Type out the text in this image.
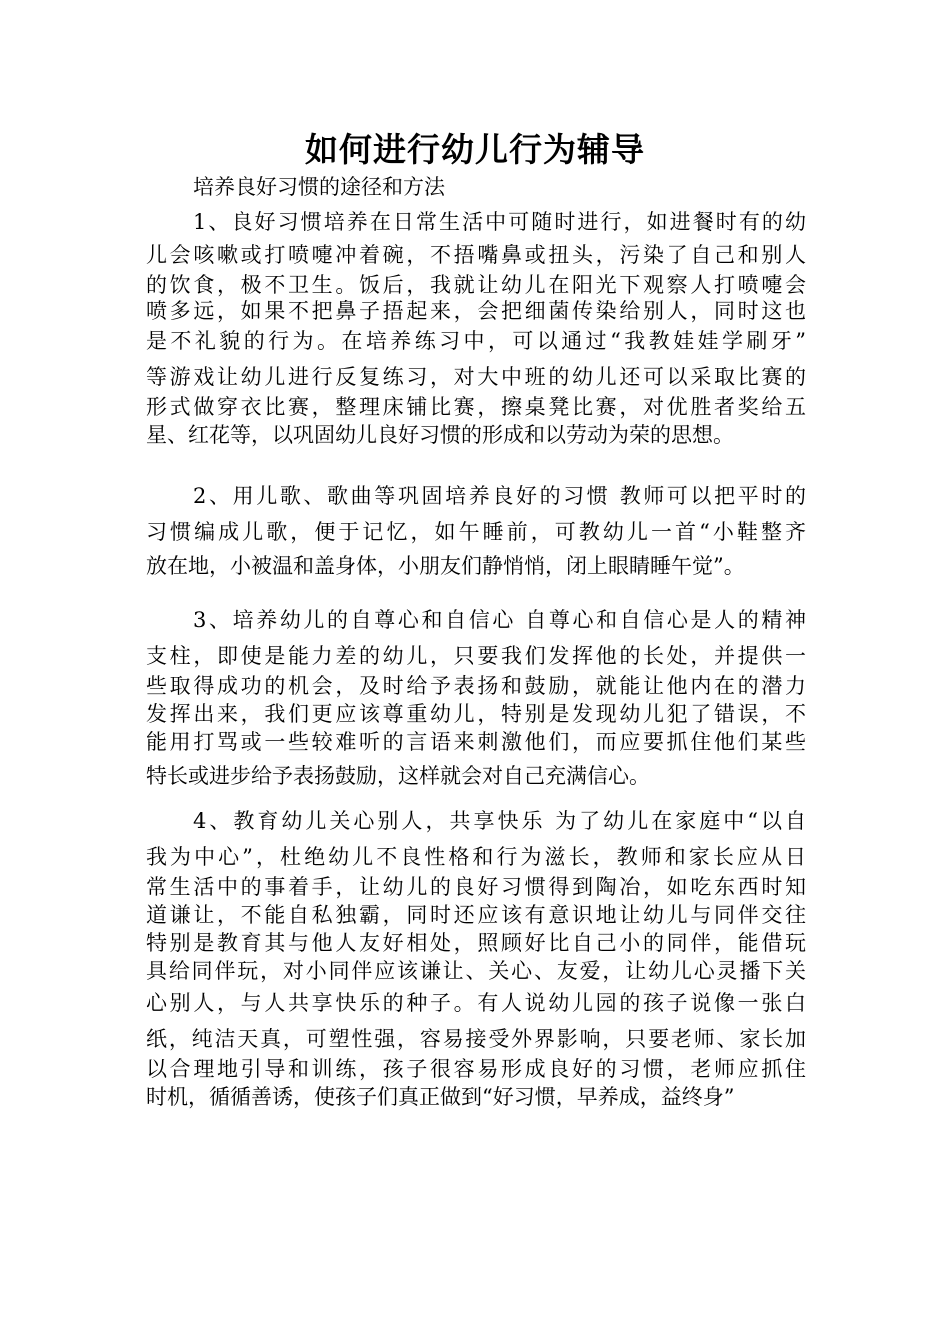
如何进行幼儿行为辅导

培养良好习惯的途径和方法

1、良好习惯培养在日常生活中可随时进行，如进餐时有的幼
儿会咳嗽或打喷嚏冲着碗，不捂嘴鼻或扭头，污染了自己和别人
的饮食，极不卫生。饭后，我就让幼儿在阳光下观察人打喷嚏会
喷多远，如果不把鼻子捂起来，会把细菌传染给别人，同时这也
是不礼貌的行为。在培养练习中，可以通过“我教娃娃学刷牙”
等游戏让幼儿进行反复练习，对大中班的幼儿还可以采取比赛的
形式做穿衣比赛，整理床铺比赛，擦桌凳比赛，对优胜者奖给五
星、红花等，以巩固幼儿良好习惯的形成和以劳动为荣的思想。
2、用儿歌、歌曲等巩固培养良好的习惯 教师可以把平时的
习惯编成儿歌，便于记忆，如午睡前，可教幼儿一首“小鞋整齐
放在地，小被温和盖身体，小朋友们静悄悄，闭上眼睛睡午觉”。
3、培养幼儿的自尊心和自信心 自尊心和自信心是人的精神
支柱，即使是能力差的幼儿，只要我们发挥他的长处，并提供一
些取得成功的机会，及时给予表扬和鼓励，就能让他内在的潜力
发挥出来，我们更应该尊重幼儿，特别是发现幼儿犯了错误，不
能用打骂或一些较难听的言语来刺激他们，而应要抓住他们某些
特长或进步给予表扬鼓励，这样就会对自己充满信心。
4、教育幼儿关心别人，共享快乐 为了幼儿在家庭中“以自
我为中心”，杜绝幼儿不良性格和行为滋长，教师和家长应从日
常生活中的事着手，让幼儿的良好习惯得到陶冶，如吃东西时知
道谦让，不能自私独霸，同时还应该有意识地让幼儿与同伴交往
特别是教育其与他人友好相处，照顾好比自己小的同伴，能借玩
具给同伴玩，对小同伴应该谦让、关心、友爱，让幼儿心灵播下关
心别人，与人共享快乐的种子。有人说幼儿园的孩子说像一张白
纸，纯洁天真，可塑性强，容易接受外界影响，只要老师、家长加
以合理地引导和训练，孩子很容易形成良好的习惯，老师应抓住
时机，循循善诱，使孩子们真正做到“好习惯，早养成，益终身”
